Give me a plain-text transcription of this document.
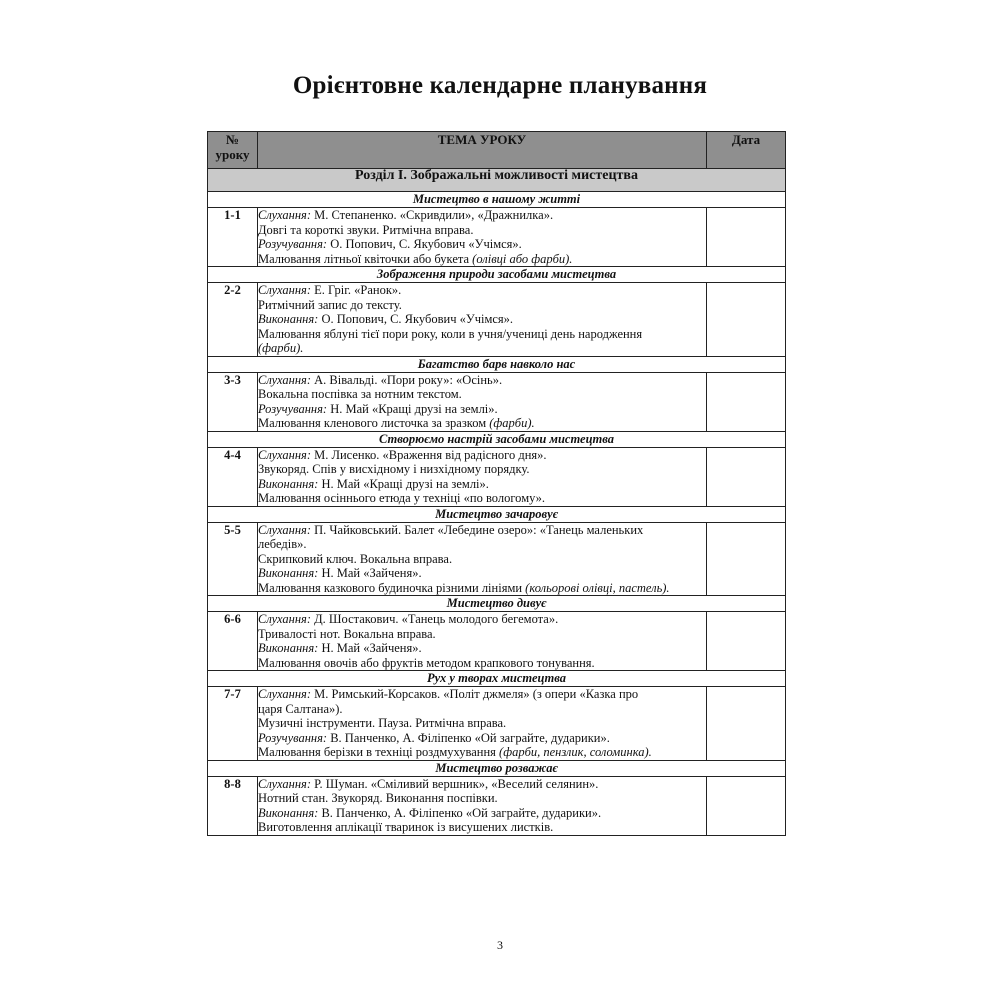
Орієнтовне календарне планування
№ уроку	ТЕМА УРОКУ	Дата
Розділ I. Зображальні можливості мистецтва		
Мистецтво в нашому житті		
1-1	Слухання: М. Степаненко. «Скривдили», «Дражнилка».
Довгі та короткі звуки. Ритмічна вправа.
Розучування: О. Попович, С. Якубович «Учімся».
Малювання літньої квіточки або букета (олівці або фарби).	

Зображення природи засобами мистецтва		
2-2	Слухання: Е. Гріг. «Ранок».
Ритмічний запис до тексту.
Виконання: О. Попович, С. Якубович «Учімся».
Малювання яблуні тієї пори року, коли в учня/учениці день народження
(фарби).	

Багатство барв навколо нас		
3-3	Слухання: А. Вівальді. «Пори року»: «Осінь».
Вокальна поспівка за нотним текстом.
Розучування: Н. Май «Кращі друзі на землі».
Малювання кленового листочка за зразком (фарби).	

Створюємо настрій засобами мистецтва		
4-4	Слухання: М. Лисенко. «Враження від радісного дня».
Звукоряд. Спів у висхідному і низхідному порядку.
Виконання: Н. Май «Кращі друзі на землі».
Малювання осіннього етюда у техніці «по вологому».	

Мистецтво зачаровує		
5-5	Слухання: П. Чайковський. Балет «Лебедине озеро»: «Танець маленьких
лебедів».
Скрипковий ключ. Вокальна вправа.
Виконання: Н. Май «Зайченя».
Малювання казкового будиночка різними лініями (кольорові олівці, пастель).	

Мистецтво дивує		
6-6	Слухання: Д. Шостакович. «Танець молодого бегемота».
Тривалості нот. Вокальна вправа.
Виконання: Н. Май «Зайченя».
Малювання овочів або фруктів методом крапкового тонування.	

Рух у творах мистецтва		
7-7	Слухання: М. Римський-Корсаков. «Політ джмеля» (з опери «Казка про
царя Салтана»).
Музичні інструменти. Пауза. Ритмічна вправа.
Розучування: В. Панченко, А. Філіпенко «Ой заграйте, дударики».
Малювання берізки в техніці роздмухування (фарби, пензлик, соломинка).	

Мистецтво розважає		
8-8	Слухання: Р. Шуман. «Сміливий вершник», «Веселий селянин».
Нотний стан. Звукоряд. Виконання поспівки.
Виконання: В. Панченко, А. Філіпенко «Ой заграйте, дударики».
Виготовлення аплікації тваринок із висушених листків.	

3
